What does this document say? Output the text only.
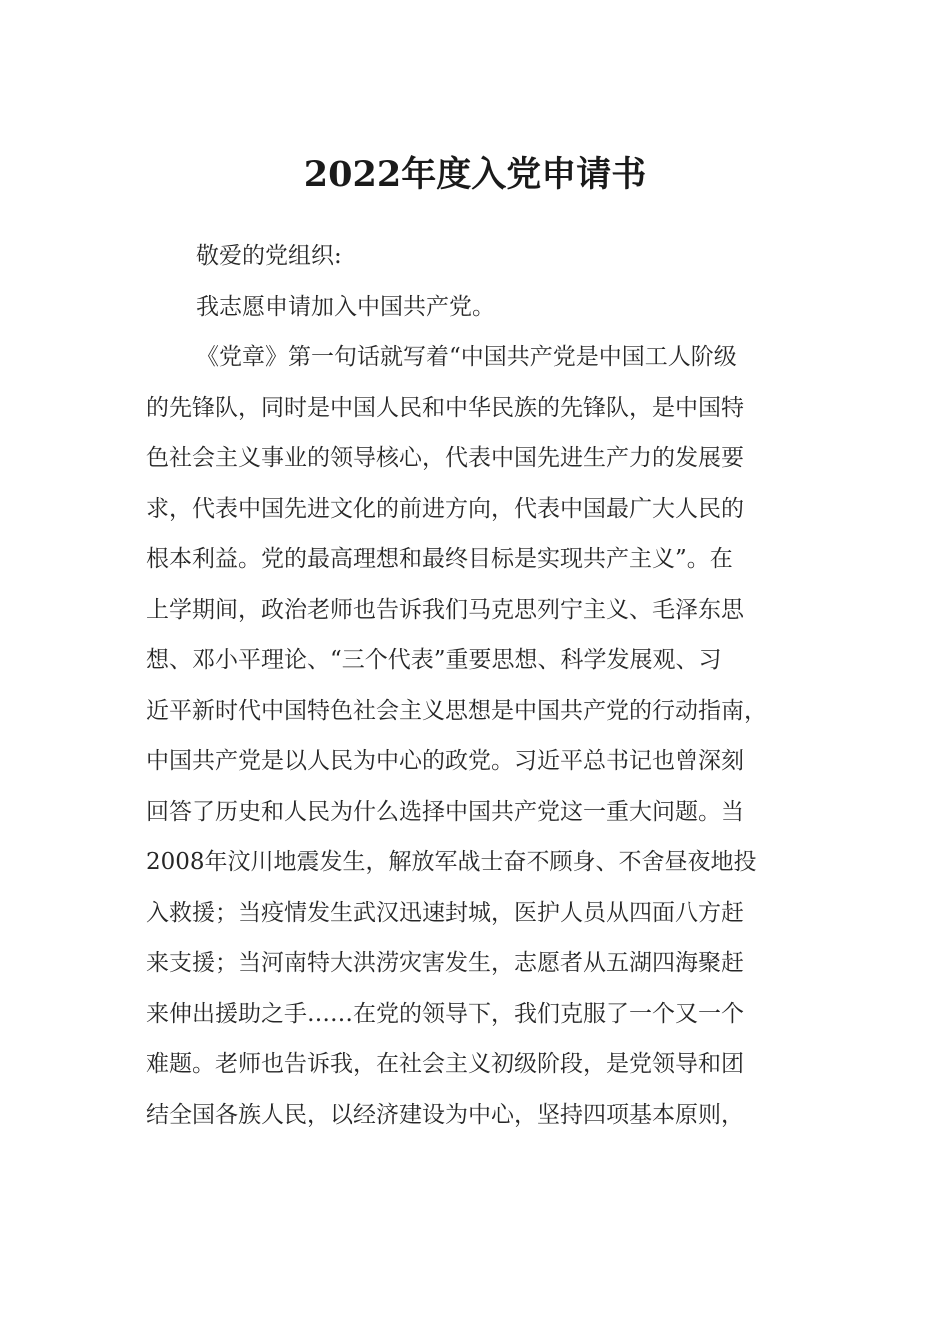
2022年度入党申请书
敬爱的党组织:
我志愿申请加入中国共产党。
《党章》第一句话就写着“中国共产党是中国工人阶级
的先锋队，同时是中国人民和中华民族的先锋队，是中国特
色社会主义事业的领导核心，代表中国先进生产力的发展要
求，代表中国先进文化的前进方向，代表中国最广大人民的
根本利益。党的最高理想和最终目标是实现共产主义”。在
上学期间，政治老师也告诉我们马克思列宁主义、毛泽东思
想、邓小平理论、“三个代表”重要思想、科学发展观、习
近平新时代中国特色社会主义思想是中国共产党的行动指南，
中国共产党是以人民为中心的政党。习近平总书记也曾深刻
回答了历史和人民为什么选择中国共产党这一重大问题。当
2008年汶川地震发生，解放军战士奋不顾身、不舍昼夜地投
入救援；当疫情发生武汉迅速封城，医护人员从四面八方赶
来支援；当河南特大洪涝灾害发生，志愿者从五湖四海聚赶
来伸出援助之手……在党的领导下，我们克服了一个又一个
难题。老师也告诉我，在社会主义初级阶段，是党领导和团
结全国各族人民，以经济建设为中心，坚持四项基本原则，
